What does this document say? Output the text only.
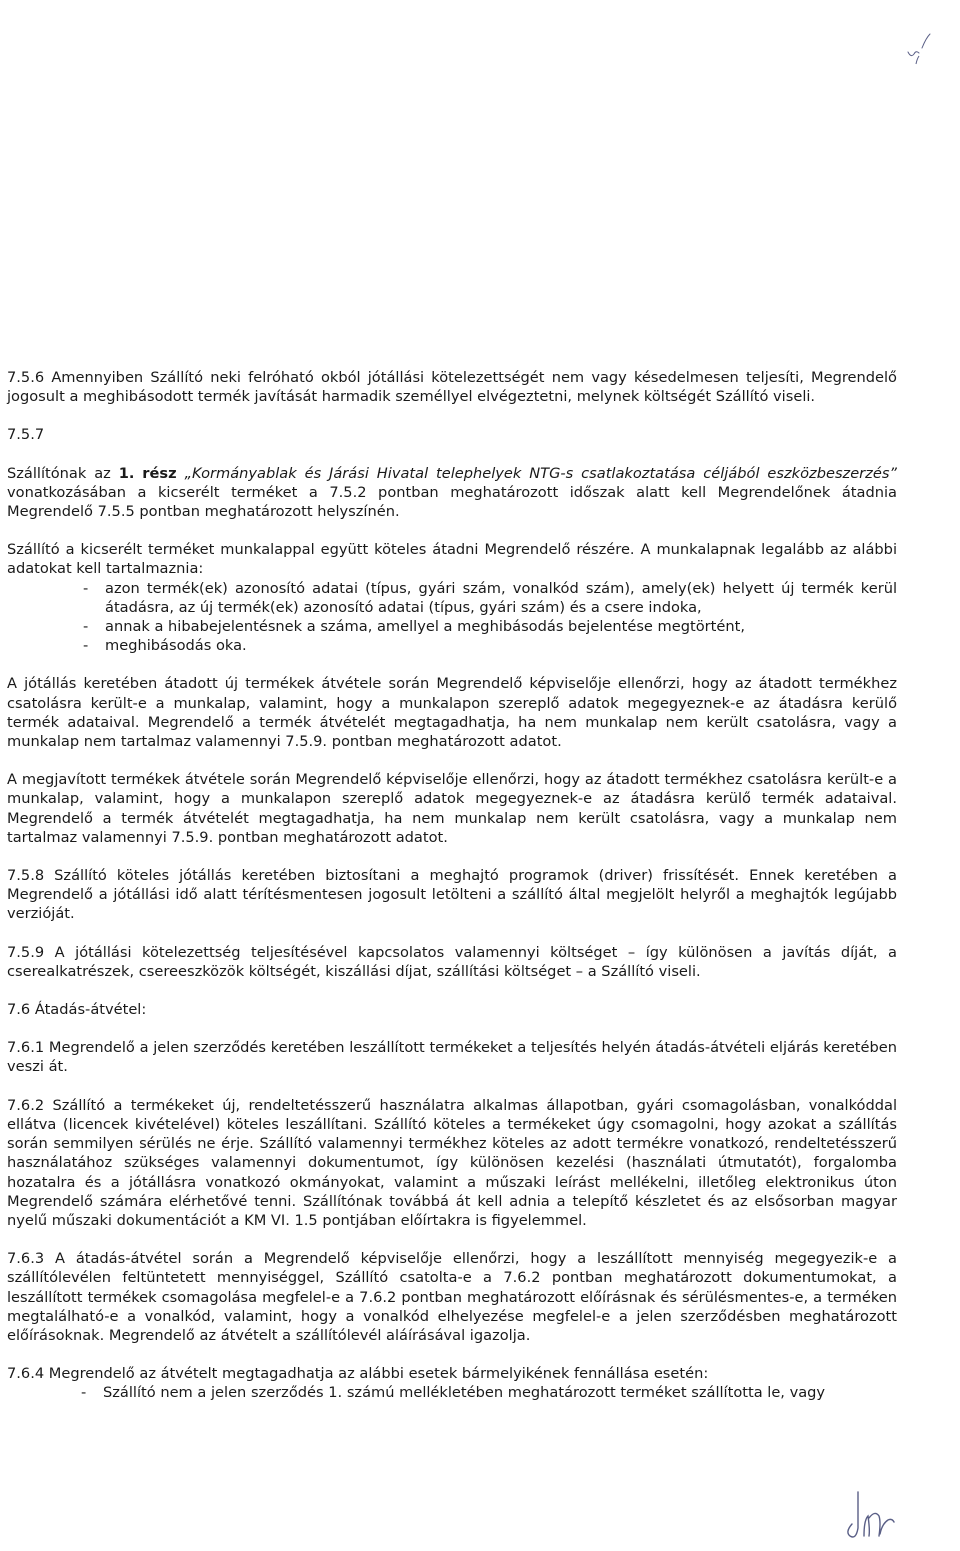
7.5.6 Amennyiben Szállító neki felróható okból jótállási kötelezettségét nem vagy késedelmesen teljesíti, Megrendelő jogosult a meghibásodott termék javítását harmadik személlyel elvégeztetni, melynek költségét Szállító viseli.

7.5.7

Szállítónak az 1. rész „Kormányablak és Járási Hivatal telephelyek NTG-s csatlakoztatása céljából eszközbeszerzés” vonatkozásában a kicserélt terméket a 7.5.2 pontban meghatározott időszak alatt kell Megrendelőnek átadnia Megrendelő 7.5.5 pontban meghatározott helyszínén.

Szállító a kicserélt terméket munkalappal együtt köteles átadni Megrendelő részére. A munkalapnak legalább az alábbi adatokat kell tartalmaznia:

- azon termék(ek) azonosító adatai (típus, gyári szám, vonalkód szám), amely(ek) helyett új termék kerül átadásra, az új termék(ek) azonosító adatai (típus, gyári szám) és a csere indoka,
- annak a hibabejelentésnek a száma, amellyel a meghibásodás bejelentése megtörtént,
- meghibásodás oka.

A jótállás keretében átadott új termékek átvétele során Megrendelő képviselője ellenőrzi, hogy az átadott termékhez csatolásra került-e a munkalap, valamint, hogy a munkalapon szereplő adatok megegyeznek-e az átadásra kerülő termék adataival. Megrendelő a termék átvételét megtagadhatja, ha nem munkalap nem került csatolásra, vagy a munkalap nem tartalmaz valamennyi 7.5.9. pontban meghatározott adatot.

A megjavított termékek átvétele során Megrendelő képviselője ellenőrzi, hogy az átadott termékhez csatolásra került-e a munkalap, valamint, hogy a munkalapon szereplő adatok megegyeznek-e az átadásra kerülő termék adataival. Megrendelő a termék átvételét megtagadhatja, ha nem munkalap nem került csatolásra, vagy a munkalap nem tartalmaz valamennyi 7.5.9. pontban meghatározott adatot.

7.5.8 Szállító köteles jótállás keretében biztosítani a meghajtó programok (driver) frissítését. Ennek keretében a Megrendelő a jótállási idő alatt térítésmentesen jogosult letölteni a szállító által megjelölt helyről a meghajtók legújabb verzióját.

7.5.9 A jótállási kötelezettség teljesítésével kapcsolatos valamennyi költséget – így különösen a javítás díját, a cserealkatrészek, csereeszközök költségét, kiszállási díjat, szállítási költséget – a Szállító viseli.

7.6 Átadás-átvétel:

7.6.1 Megrendelő a jelen szerződés keretében leszállított termékeket a teljesítés helyén átadás-átvételi eljárás keretében veszi át.

7.6.2 Szállító a termékeket új, rendeltetésszerű használatra alkalmas állapotban, gyári csomagolásban, vonalkóddal ellátva (licencek kivételével) köteles leszállítani. Szállító köteles a termékeket úgy csomagolni, hogy azokat a szállítás során semmilyen sérülés ne érje. Szállító valamennyi termékhez köteles az adott termékre vonatkozó, rendeltetésszerű használatához szükséges valamennyi dokumentumot, így különösen kezelési (használati útmutatót), forgalomba hozatalra és a jótállásra vonatkozó okmányokat, valamint a műszaki leírást mellékelni, illetőleg elektronikus úton Megrendelő számára elérhetővé tenni. Szállítónak továbbá át kell adnia a telepítő készletet és az elsősorban magyar nyelű műszaki dokumentációt a KM VI. 1.5 pontjában előírtakra is figyelemmel.

7.6.3 A átadás-átvétel során a Megrendelő képviselője ellenőrzi, hogy a leszállított mennyiség megegyezik-e a szállítólevélen feltüntetett mennyiséggel, Szállító csatolta-e a 7.6.2 pontban meghatározott dokumentumokat, a leszállított termékek csomagolása megfelel-e a 7.6.2 pontban meghatározott előírásnak és sérülésmentes-e, a terméken megtalálható-e a vonalkód, valamint, hogy a vonalkód elhelyezése megfelel-e a jelen szerződésben meghatározott előírásoknak. Megrendelő az átvételt a szállítólevél aláírásával igazolja.

7.6.4 Megrendelő az átvételt megtagadhatja az alábbi esetek bármelyikének fennállása esetén:

- Szállító nem a jelen szerződés 1. számú mellékletében meghatározott terméket szállította le, vagy
